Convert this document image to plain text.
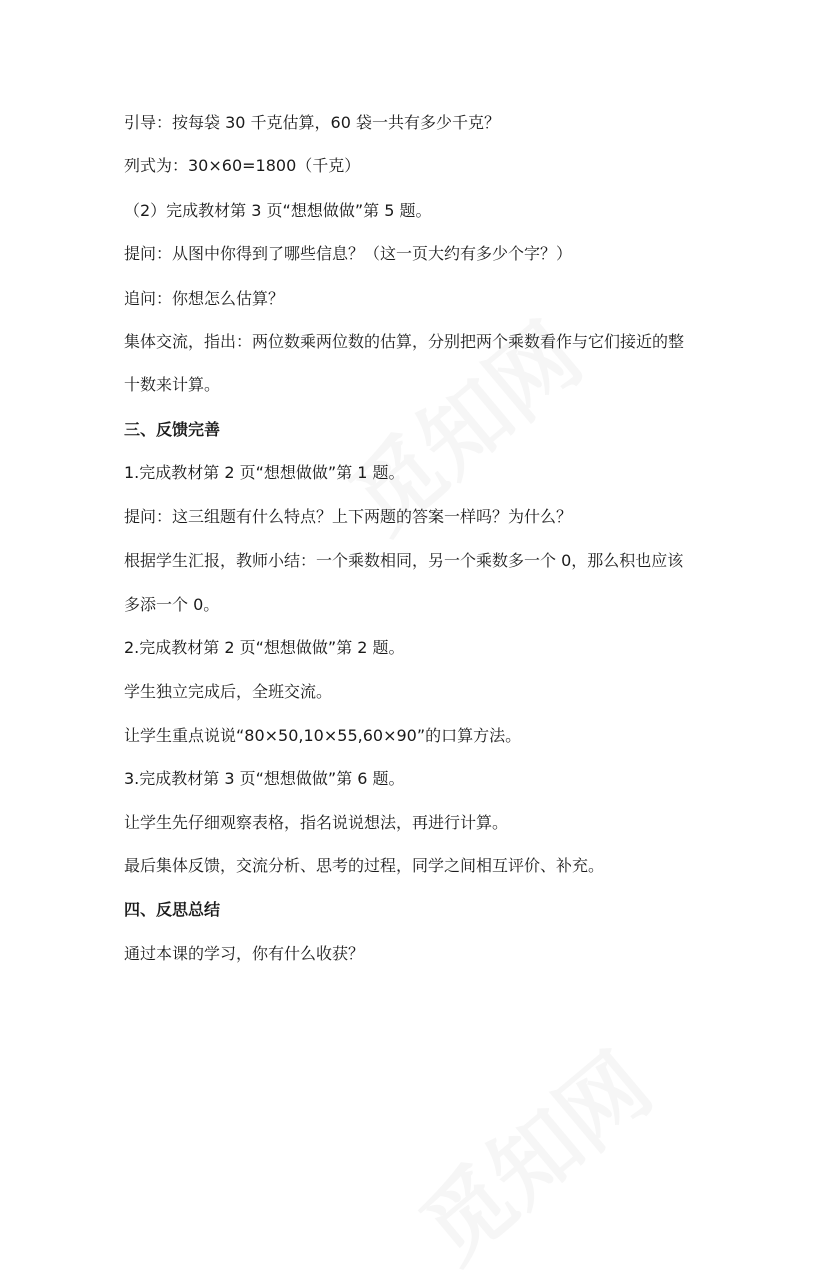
引导：按每袋 30 千克估算，60 袋一共有多少千克？
列式为：30×60=1800（千克）
（2）完成教材第 3 页“想想做做”第 5 题。
提问：从图中你得到了哪些信息？（这一页大约有多少个字？）
追问：你想怎么估算？
集体交流，指出：两位数乘两位数的估算，分别把两个乘数看作与它们接近的整
十数来计算。
三、反馈完善
1.完成教材第 2 页“想想做做”第 1 题。
提问：这三组题有什么特点？上下两题的答案一样吗？为什么？
根据学生汇报，教师小结：一个乘数相同，另一个乘数多一个 0，那么积也应该
多添一个 0。
2.完成教材第 2 页“想想做做”第 2 题。
学生独立完成后，全班交流。
让学生重点说说“80×50,10×55,60×90”的口算方法。
3.完成教材第 3 页“想想做做”第 6 题。
让学生先仔细观察表格，指名说说想法，再进行计算。
最后集体反馈，交流分析、思考的过程，同学之间相互评价、补充。
四、反思总结
通过本课的学习，你有什么收获？
